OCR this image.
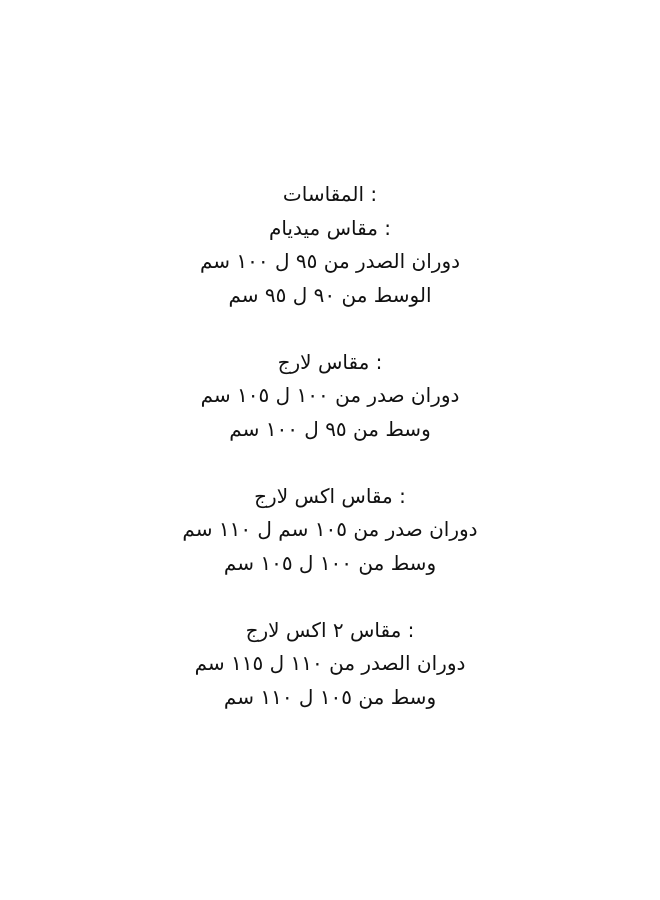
: المقاسات
: مقاس ميديام
دوران الصدر من ٩٥ ل ١٠٠ سم
الوسط من ٩٠ ل ٩٥ سم
: مقاس لارج
دوران صدر من ١٠٠ ل ١٠٥ سم
وسط من ٩٥ ل ١٠٠ سم
: مقاس اكس لارج
دوران صدر من ١٠٥ سم ل ١١٠ سم
وسط من ١٠٠ ل ١٠٥ سم
: مقاس ٢ اكس لارج
دوران الصدر من ١١٠ ل ١١٥ سم
وسط من ١٠٥ ل ١١٠ سم
